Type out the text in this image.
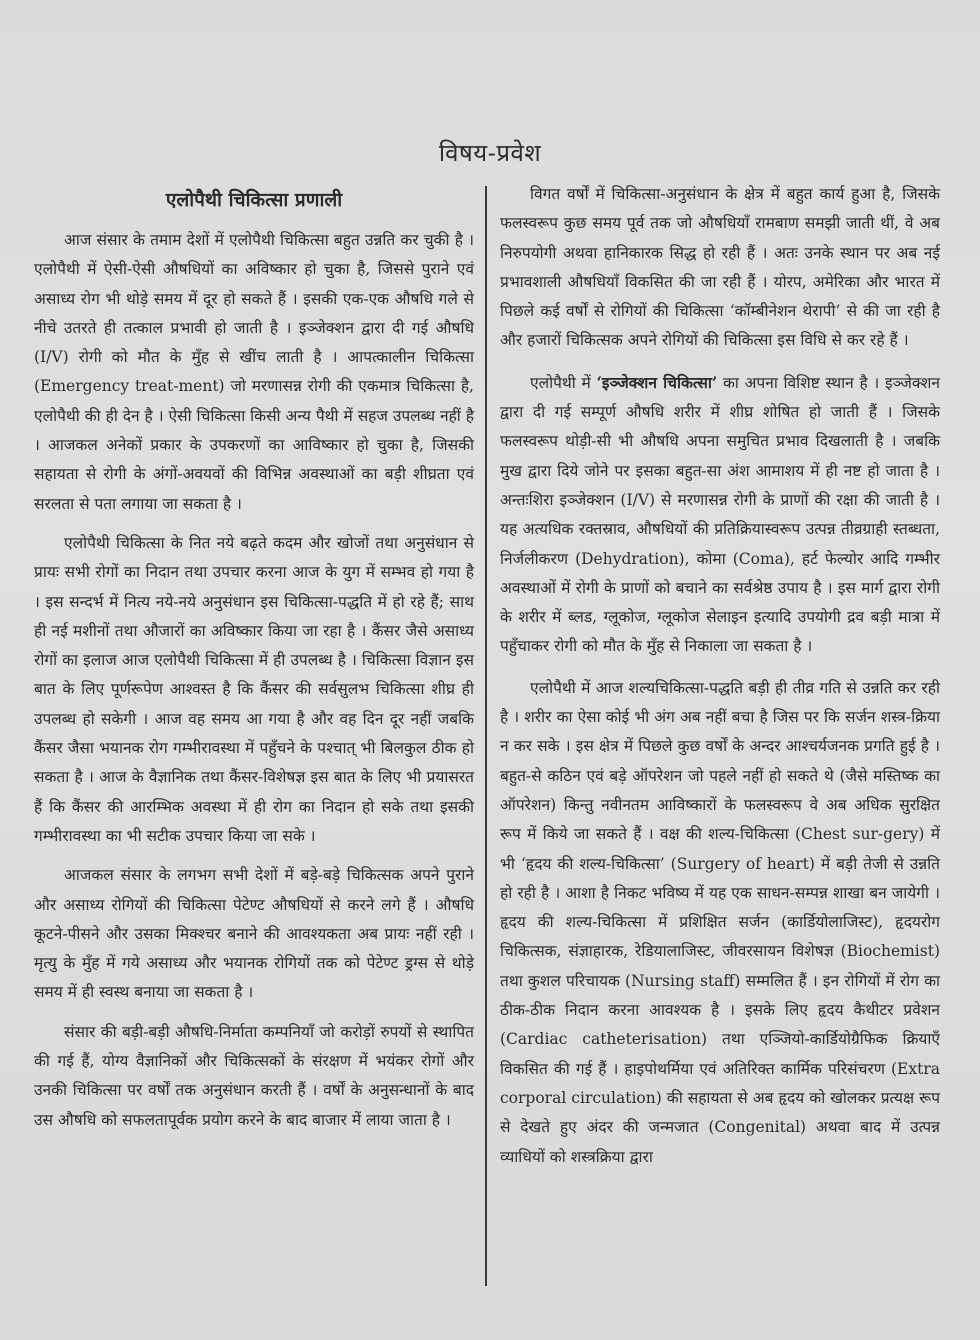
विषय-प्रवेश
एलोपैथी चिकित्सा प्रणाली

आज संसार के तमाम देशों में एलोपैथी चिकित्सा बहुत उन्नति कर चुकी है । एलोपैथी में ऐसी-ऐसी औषधियों का अविष्कार हो चुका है, जिससे पुराने एवं असाध्य रोग भी थोड़े समय में दूर हो सकते हैं । इसकी एक-एक औषधि गले से नीचे उतरते ही तत्काल प्रभावी हो जाती है । इञ्जेक्शन द्वारा दी गई औषधि (I/V) रोगी को मौत के मुँह से खींच लाती है । आपत्कालीन चिकित्सा (Emergency treat-ment) जो मरणासन्न रोगी की एकमात्र चिकित्सा है, एलोपैथी की ही देन है । ऐसी चिकित्सा किसी अन्य पैथी में सहज उपलब्ध नहीं है । आजकल अनेकों प्रकार के उपकरणों का आविष्कार हो चुका है, जिसकी सहायता से रोगी के अंगों-अवयवों की विभिन्न अवस्थाओं का बड़ी शीघ्रता एवं सरलता से पता लगाया जा सकता है ।

एलोपैथी चिकित्सा के नित नये बढ़ते कदम और खोजों तथा अनुसंधान से प्रायः सभी रोगों का निदान तथा उपचार करना आज के युग में सम्भव हो गया है । इस सन्दर्भ में नित्य नये-नये अनुसंधान इस चिकित्सा-पद्धति में हो रहे हैं; साथ ही नई मशीनों तथा औजारों का अविष्कार किया जा रहा है । कैंसर जैसे असाध्य रोगों का इलाज आज एलोपैथी चिकित्सा में ही उपलब्ध है । चिकित्सा विज्ञान इस बात के लिए पूर्णरूपेण आश्वस्त है कि कैंसर की सर्वसुलभ चिकित्सा शीघ्र ही उपलब्ध हो सकेगी । आज वह समय आ गया है और वह दिन दूर नहीं जबकि कैंसर जैसा भयानक रोग गम्भीरावस्था में पहुँचने के पश्चात् भी बिलकुल ठीक हो सकता है । आज के वैज्ञानिक तथा कैंसर-विशेषज्ञ इस बात के लिए भी प्रयासरत हैं कि कैंसर की आरम्भिक अवस्था में ही रोग का निदान हो सके तथा इसकी गम्भीरावस्था का भी सटीक उपचार किया जा सके ।

आजकल संसार के लगभग सभी देशों में बड़े-बड़े चिकित्सक अपने पुराने और असाध्य रोगियों की चिकित्सा पेटेण्ट औषधियों से करने लगे हैं । औषधि कूटने-पीसने और उसका मिक्श्चर बनाने की आवश्यकता अब प्रायः नहीं रही । मृत्यु के मुँह में गये असाध्य और भयानक रोगियों तक को पेटेण्ट ड्रग्स से थोड़े समय में ही स्वस्थ बनाया जा सकता है ।

संसार की बड़ी-बड़ी औषधि-निर्माता कम्पनियाँ जो करोड़ों रुपयों से स्थापित की गई हैं, योग्य वैज्ञानिकों और चिकित्सकों के संरक्षण में भयंकर रोगों और उनकी चिकित्सा पर वर्षों तक अनुसंधान करती हैं । वर्षों के अनुसन्धानों के बाद उस औषधि को सफलतापूर्वक प्रयोग करने के बाद बाजार में लाया जाता है ।

विगत वर्षों में चिकित्सा-अनुसंधान के क्षेत्र में बहुत कार्य हुआ है, जिसके फलस्वरूप कुछ समय पूर्व तक जो औषधियाँ रामबाण समझी जाती थीं, वे अब निरुपयोगी अथवा हानिकारक सिद्ध हो रही हैं । अतः उनके स्थान पर अब नई प्रभावशाली औषधियाँ विकसित की जा रही हैं । योरप, अमेरिका और भारत में पिछले कई वर्षों से रोगियों की चिकित्सा ‘कॉम्बीनेशन थेरापी’ से की जा रही है और हजारों चिकित्सक अपने रोगियों की चिकित्सा इस विधि से कर रहे हैं ।

एलोपैथी में ‘इञ्जेक्शन चिकित्सा’ का अपना विशिष्ट स्थान है । इञ्जेक्शन द्वारा दी गई सम्पूर्ण औषधि शरीर में शीघ्र शोषित हो जाती हैं । जिसके फलस्वरूप थोड़ी-सी भी औषधि अपना समुचित प्रभाव दिखलाती है । जबकि मुख द्वारा दिये जोने पर इसका बहुत-सा अंश आमाशय में ही नष्ट हो जाता है । अन्तःशिरा इञ्जेक्शन (I/V) से मरणासन्न रोगी के प्राणों की रक्षा की जाती है । यह अत्यधिक रक्तस्राव, औषधियों की प्रतिक्रियास्वरूप उत्पन्न तीव्रग्राही स्तब्धता, निर्जलीकरण (Dehydration), कोमा (Coma), हर्ट फेल्योर आदि गम्भीर अवस्थाओं में रोगी के प्राणों को बचाने का सर्वश्रेष्ठ उपाय है । इस मार्ग द्वारा रोगी के शरीर में ब्लड, ग्लूकोज, ग्लूकोज सेलाइन इत्यादि उपयोगी द्रव बड़ी मात्रा में पहुँचाकर रोगी को मौत के मुँह से निकाला जा सकता है ।

एलोपैथी में आज शल्यचिकित्सा-पद्धति बड़ी ही तीव्र गति से उन्नति कर रही है । शरीर का ऐसा कोई भी अंग अब नहीं बचा है जिस पर कि सर्जन शस्त्र-क्रिया न कर सके । इस क्षेत्र में पिछले कुछ वर्षों के अन्दर आश्चर्यजनक प्रगति हुई है । बहुत-से कठिन एवं बड़े ऑपरेशन जो पहले नहीं हो सकते थे (जैसे मस्तिष्क का ऑपरेशन) किन्तु नवीनतम आविष्कारों के फलस्वरूप वे अब अधिक सुरक्षित रूप में किये जा सकते हैं । वक्ष की शल्य-चिकित्सा (Chest sur-gery) में भी ‘हृदय की शल्य-चिकित्सा’ (Surgery of heart) में बड़ी तेजी से उन्नति हो रही है । आशा है निकट भविष्य में यह एक साधन-सम्पन्न शाखा बन जायेगी । हृदय की शल्य-चिकित्सा में प्रशिक्षित सर्जन (कार्डियोलाजिस्ट), हृदयरोग चिकित्सक, संज्ञाहारक, रेडियालाजिस्ट, जीवरसायन विशेषज्ञ (Biochemist) तथा कुशल परिचायक (Nursing staff) सम्मलित हैं । इन रोगियों में रोग का ठीक-ठीक निदान करना आवश्यक है । इसके लिए हृदय कैथीटर प्रवेशन (Cardiac catheterisation) तथा एञ्जियो-कार्डियोग्रैफिक क्रियाएँ विकसित की गई हैं । हाइपोथर्मिया एवं अतिरिक्त कार्मिक परिसंचरण (Extra corporal circulation) की सहायता से अब हृदय को खोलकर प्रत्यक्ष रूप से देखते हुए अंदर की जन्मजात (Congenital) अथवा बाद में उत्पन्न व्याधियों को शस्त्रक्रिया द्वारा
